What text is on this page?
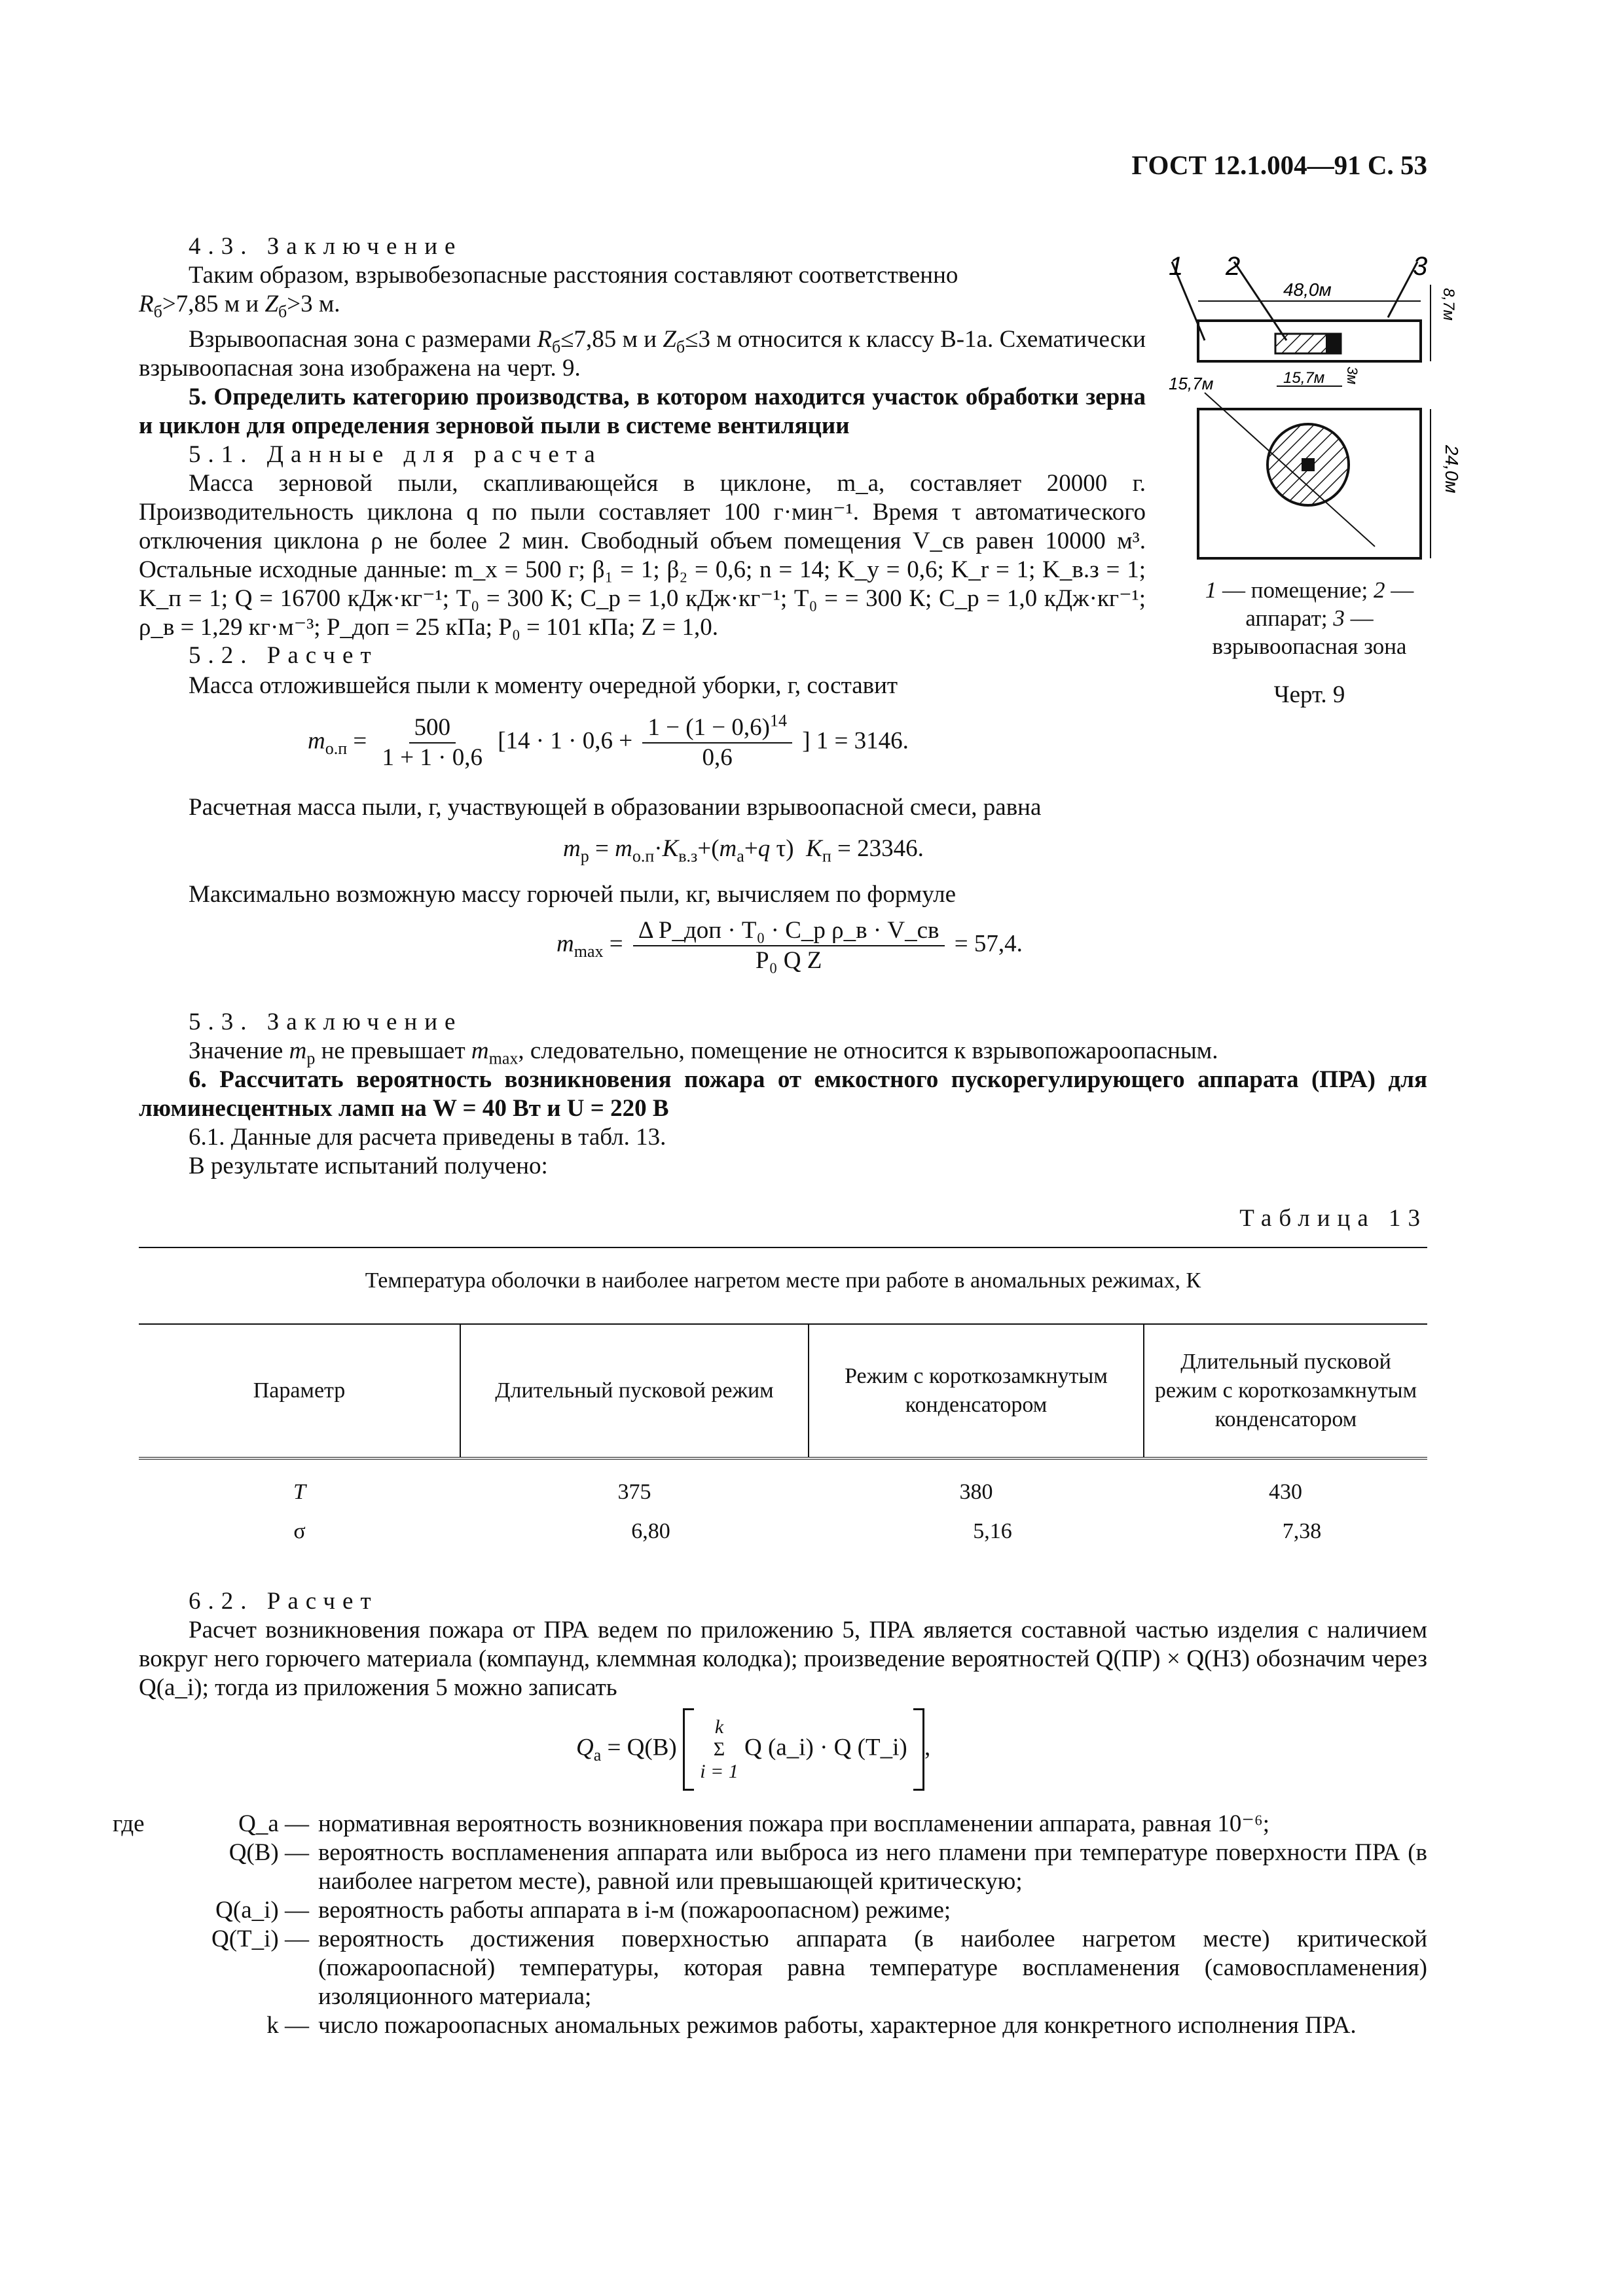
ГОСТ 12.1.004—91 С. 53
4.3. Заключение
Таким образом, взрывобезопасные расстояния составляют соответственно
$R_б>7,85$ м и $Z_б>3$ м.
Взрывоопасная зона с размерами $R_б\le 7,85$ м и $Z_б\le 3$ м относится к классу В-1а. Схематически взрывоопасная зона изображена на черт. 9.
5. Определить категорию производства, в котором находится участок обработки зерна и циклон для определения зерновой пыли в системе вентиляции
5.1. Данные для расчета
Масса зерновой пыли, скапливающейся в циклоне, m_a, составляет 20000 г. Производительность циклона q по пыли составляет 100 г·мин⁻¹. Время τ автоматического отключения циклона ρ не более 2 мин. Свободный объем помещения V_св равен 10000 м³. Остальные исходные данные: m_x = 500 г; β₁ = 1; β₂ = 0,6; n = 14; K_y = 0,6; K_r = 1; K_в.з = 1; K_п = 1; Q = 16700 кДж·кг⁻¹; T₀ = 300 К; C_p = 1,0 кДж·кг⁻¹; T₀ = = 300 К; C_p = 1,0 кДж·кг⁻¹; ρ_в = 1,29 кг·м⁻³; P_доп = 25 кПа; P₀ = 101 кПа; Z = 1,0.
5.2. Расчет
Масса отложившейся пыли к моменту очередной уборки, г, составит
$m_{о.п} = \frac{500}{1 + 1 \cdot 0,6} [14 \cdot 1 \cdot 0,6 + \frac{1 - (1 - 0,6)^{14}}{0,6}$ ] 1 = 3146.
Расчетная масса пыли, г, участвующей в образовании взрывоопасной смеси, равна
$m_р = m_{о.п}\cdot K_{в.з}+(m_а+q$ τ)  $K_п = 23346$.
Максимально возможную массу горючей пыли, кг, вычисляем по формуле
$m_{max} = \frac{\text{Δ P\_доп · T₀ · C\_p ρ\_в · V\_св}}{\text{P₀ Q Z}} = 57,4$.
5.3. Заключение
Значение $m_р$ не превышает $m_{max}$, следовательно, помещение не относится к взрывопожароопасным.
6. Рассчитать вероятность возникновения пожара от емкостного пускорегулирующего аппарата (ПРА) для люминесцентных ламп на W = 40 Вт и U = 220 В
6.1. Данные для расчета приведены в табл. 13.
В результате испытаний получено:
1 2	3
48,0м	8,7м
15,7м	15,7м 3м
24,0м
1 — помещение; 2 — аппарат; 3 — взрывоопасная зона
Черт. 9
Таблица 13
Температура оболочки в наиболее нагретом месте при работе в аномальных режимах, К
Параметр	Длительный пусковой режим	Режим с короткозамкнутым конденсатором	Длительный пусковой режим с короткозамкнутым конденсатором
T	375	380	430
σ	6,80	5,16	7,38
6.2. Расчет
Расчет возникновения пожара от ПРА ведем по приложению 5, ПРА является составной частью изделия с наличием вокруг него горючего материала (компаунд, клеммная колодка); произведение вероятностей Q(ПР) × Q(НЗ) обозначим через Q(a_i); тогда из приложения 5 можно записать
$Q_a = Q(B)$
k
Σ
i = 1
Q (a_i) · Q (T_i) ,
где	Q_a — нормативная вероятность возникновения пожара при воспламенении аппарата, равная 10⁻⁶;
Q(B) — вероятность воспламенения аппарата или выброса из него пламени при температуре поверхности ПРА (в наиболее нагретом месте), равной или превышающей критическую;
Q(a_i) — вероятность работы аппарата в i-м (пожароопасном) режиме;
Q(T_i) — вероятность достижения поверхностью аппарата (в наиболее нагретом месте) критической (пожароопасной) температуры, которая равна температуре воспламенения (самовоспламенения) изоляционного материала;
k — число пожароопасных аномальных режимов работы, характерное для конкретного исполнения ПРА.
